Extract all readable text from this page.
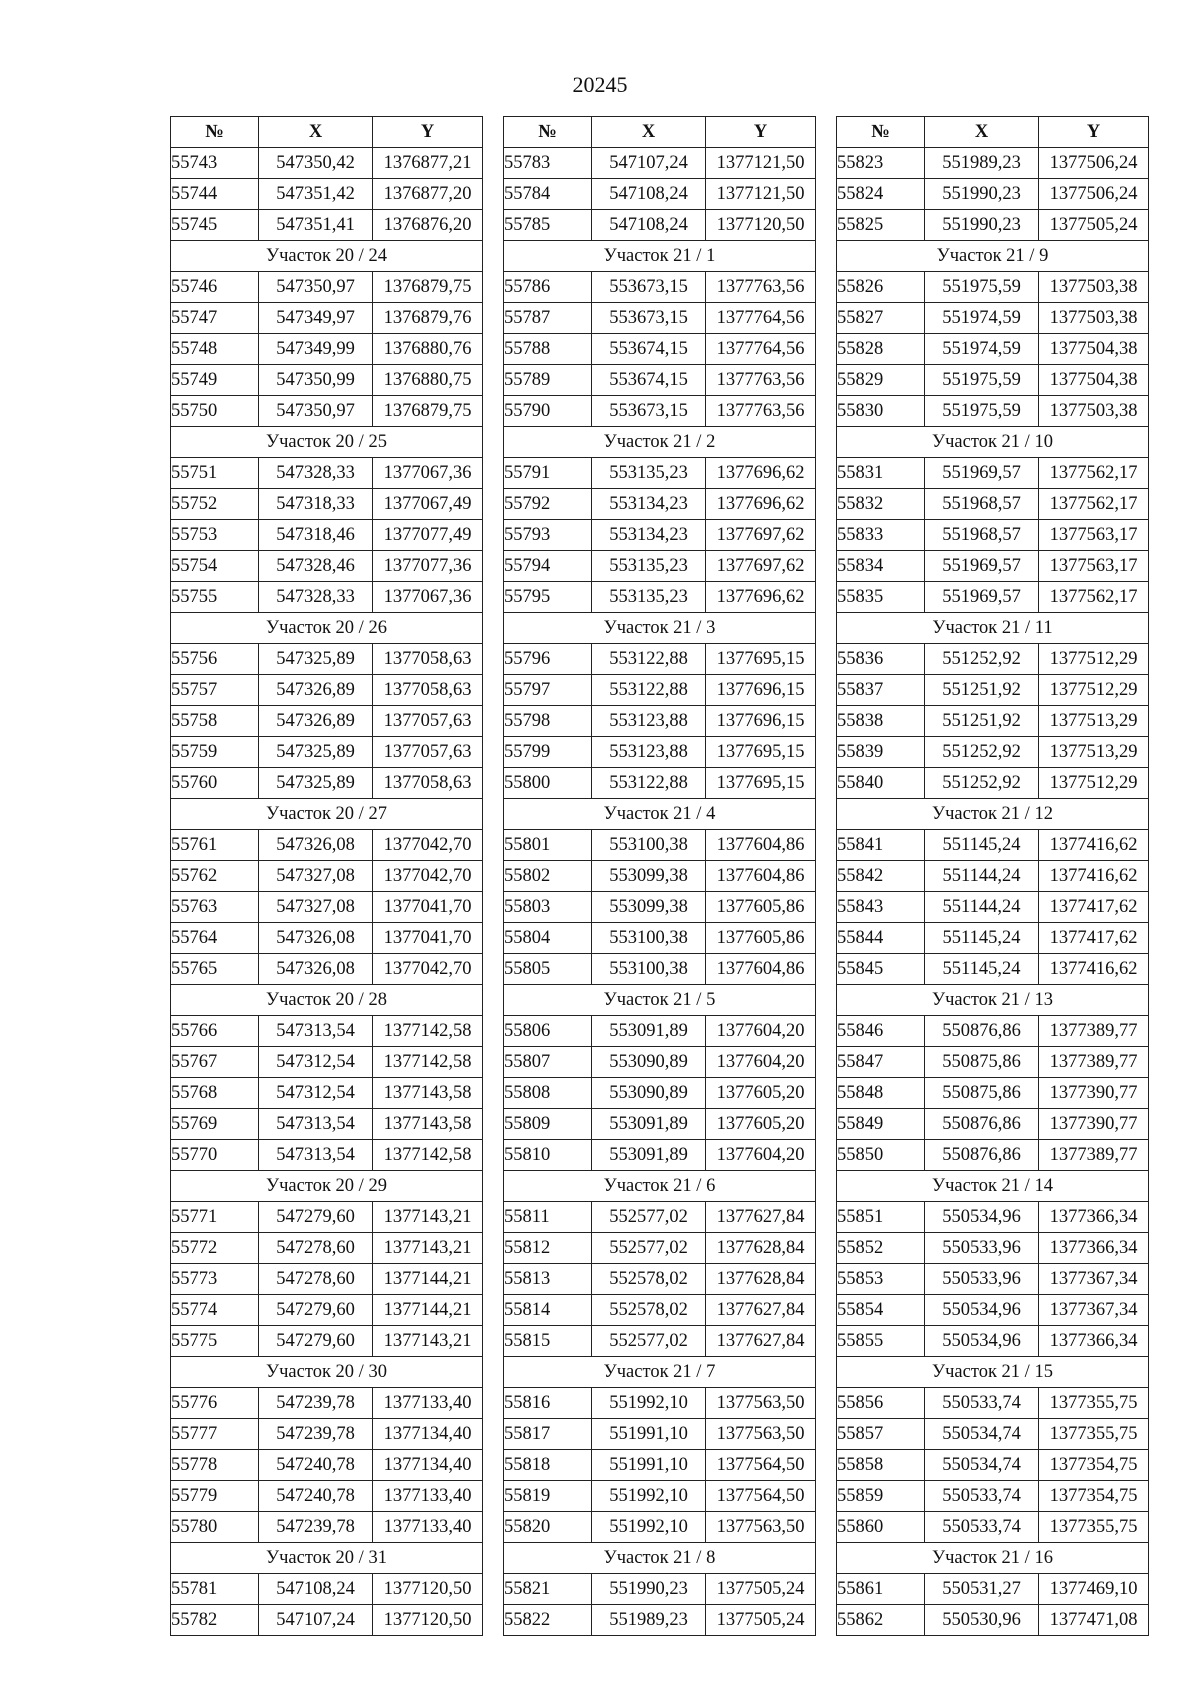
20245
№	X	Y
55743	547350,42	1376877,21
55744	547351,42	1376877,20
55745	547351,41	1376876,20
Участок 20 / 24		
55746	547350,97	1376879,75
55747	547349,97	1376879,76
55748	547349,99	1376880,76
55749	547350,99	1376880,75
55750	547350,97	1376879,75
Участок 20 / 25		
55751	547328,33	1377067,36
55752	547318,33	1377067,49
55753	547318,46	1377077,49
55754	547328,46	1377077,36
55755	547328,33	1377067,36
Участок 20 / 26		
55756	547325,89	1377058,63
55757	547326,89	1377058,63
55758	547326,89	1377057,63
55759	547325,89	1377057,63
55760	547325,89	1377058,63
Участок 20 / 27		
55761	547326,08	1377042,70
55762	547327,08	1377042,70
55763	547327,08	1377041,70
55764	547326,08	1377041,70
55765	547326,08	1377042,70
Участок 20 / 28		
55766	547313,54	1377142,58
55767	547312,54	1377142,58
55768	547312,54	1377143,58
55769	547313,54	1377143,58
55770	547313,54	1377142,58
Участок 20 / 29		
55771	547279,60	1377143,21
55772	547278,60	1377143,21
55773	547278,60	1377144,21
55774	547279,60	1377144,21
55775	547279,60	1377143,21
Участок 20 / 30		
55776	547239,78	1377133,40
55777	547239,78	1377134,40
55778	547240,78	1377134,40
55779	547240,78	1377133,40
55780	547239,78	1377133,40
Участок 20 / 31		
55781	547108,24	1377120,50
55782	547107,24	1377120,50
№	X	Y
55783	547107,24	1377121,50
55784	547108,24	1377121,50
55785	547108,24	1377120,50
Участок 21 / 1		
55786	553673,15	1377763,56
55787	553673,15	1377764,56
55788	553674,15	1377764,56
55789	553674,15	1377763,56
55790	553673,15	1377763,56
Участок 21 / 2		
55791	553135,23	1377696,62
55792	553134,23	1377696,62
55793	553134,23	1377697,62
55794	553135,23	1377697,62
55795	553135,23	1377696,62
Участок 21 / 3		
55796	553122,88	1377695,15
55797	553122,88	1377696,15
55798	553123,88	1377696,15
55799	553123,88	1377695,15
55800	553122,88	1377695,15
Участок 21 / 4		
55801	553100,38	1377604,86
55802	553099,38	1377604,86
55803	553099,38	1377605,86
55804	553100,38	1377605,86
55805	553100,38	1377604,86
Участок 21 / 5		
55806	553091,89	1377604,20
55807	553090,89	1377604,20
55808	553090,89	1377605,20
55809	553091,89	1377605,20
55810	553091,89	1377604,20
Участок 21 / 6		
55811	552577,02	1377627,84
55812	552577,02	1377628,84
55813	552578,02	1377628,84
55814	552578,02	1377627,84
55815	552577,02	1377627,84
Участок 21 / 7		
55816	551992,10	1377563,50
55817	551991,10	1377563,50
55818	551991,10	1377564,50
55819	551992,10	1377564,50
55820	551992,10	1377563,50
Участок 21 / 8		
55821	551990,23	1377505,24
55822	551989,23	1377505,24
№	X	Y
55823	551989,23	1377506,24
55824	551990,23	1377506,24
55825	551990,23	1377505,24
Участок 21 / 9		
55826	551975,59	1377503,38
55827	551974,59	1377503,38
55828	551974,59	1377504,38
55829	551975,59	1377504,38
55830	551975,59	1377503,38
Участок 21 / 10		
55831	551969,57	1377562,17
55832	551968,57	1377562,17
55833	551968,57	1377563,17
55834	551969,57	1377563,17
55835	551969,57	1377562,17
Участок 21 / 11		
55836	551252,92	1377512,29
55837	551251,92	1377512,29
55838	551251,92	1377513,29
55839	551252,92	1377513,29
55840	551252,92	1377512,29
Участок 21 / 12		
55841	551145,24	1377416,62
55842	551144,24	1377416,62
55843	551144,24	1377417,62
55844	551145,24	1377417,62
55845	551145,24	1377416,62
Участок 21 / 13		
55846	550876,86	1377389,77
55847	550875,86	1377389,77
55848	550875,86	1377390,77
55849	550876,86	1377390,77
55850	550876,86	1377389,77
Участок 21 / 14		
55851	550534,96	1377366,34
55852	550533,96	1377366,34
55853	550533,96	1377367,34
55854	550534,96	1377367,34
55855	550534,96	1377366,34
Участок 21 / 15		
55856	550533,74	1377355,75
55857	550534,74	1377355,75
55858	550534,74	1377354,75
55859	550533,74	1377354,75
55860	550533,74	1377355,75
Участок 21 / 16		
55861	550531,27	1377469,10
55862	550530,96	1377471,08
